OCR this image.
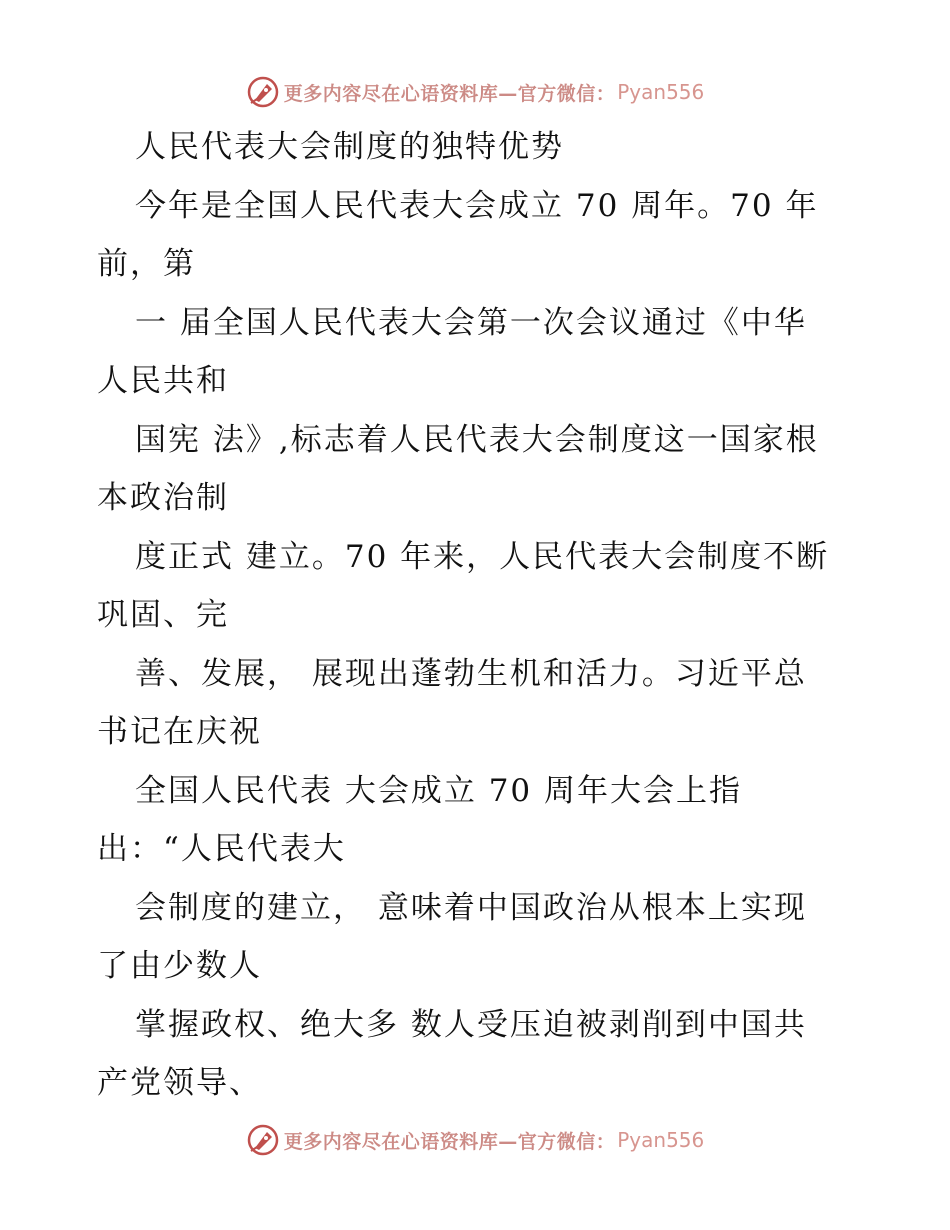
更多内容尽在心语资料库—官方微信： Pyan556
人民代表大会制度的独特优势
今年是全国人民代表大会成立 70 周年。70 年
前，第
一 届全国人民代表大会第一次会议通过《中华
人民共和
国宪 法》,标志着人民代表大会制度这一国家根
本政治制
度正式 建立。70 年来，人民代表大会制度不断
巩固、完
善、发展， 展现出蓬勃生机和活力。习近平总
书记在庆祝
全国人民代表 大会成立 70 周年大会上指
出：“人民代表大
会制度的建立， 意味着中国政治从根本上实现
了由少数人
掌握政权、绝大多 数人受压迫被剥削到中国共
产党领导、
更多内容尽在心语资料库—官方微信： Pyan556
